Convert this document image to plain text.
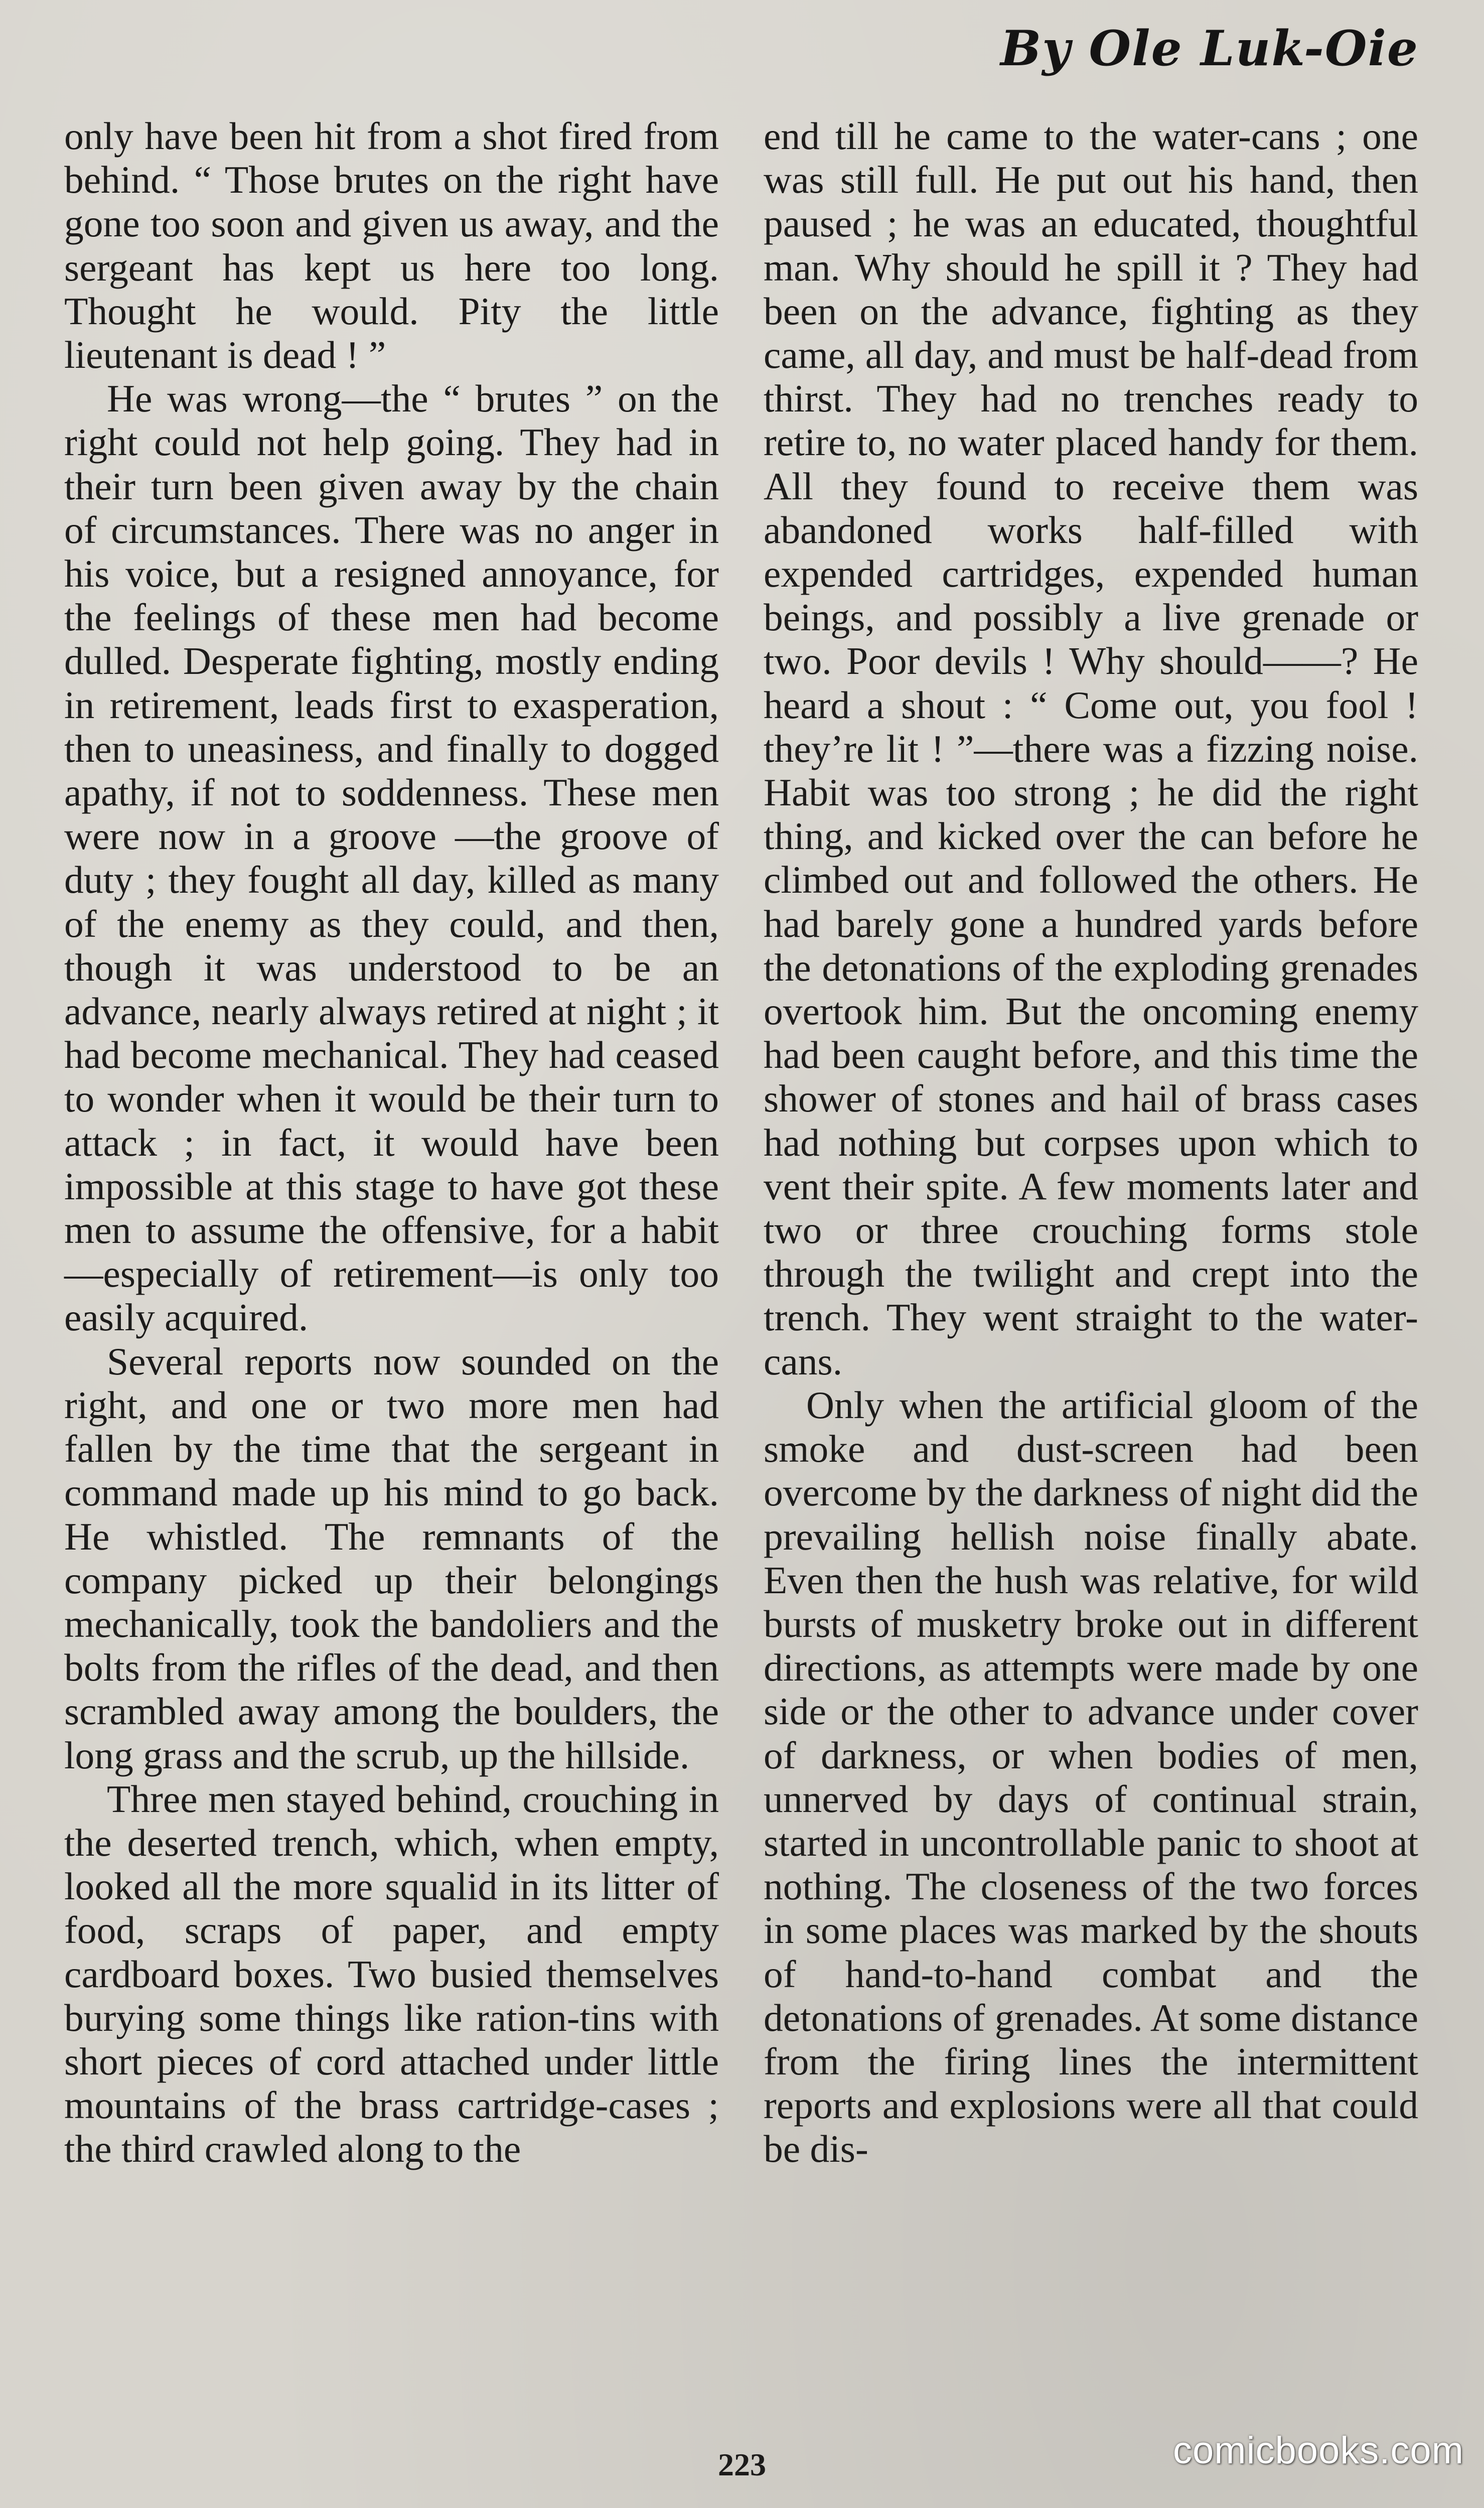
By Ole Luk-Oie

only have been hit from a shot fired from behind. “ Those brutes on the right have gone too soon and given us away, and the sergeant has kept us here too long. Thought he would. Pity the little lieutenant is dead ! ”

He was wrong—the “ brutes ” on the right could not help going. They had in their turn been given away by the chain of circumstances. There was no anger in his voice, but a resigned annoyance, for the feelings of these men had become dulled. Desperate fighting, mostly ending in retirement, leads first to exasperation, then to uneasiness, and finally to dogged apathy, if not to soddenness. These men were now in a groove —the groove of duty ; they fought all day, killed as many of the enemy as they could, and then, though it was understood to be an advance, nearly always retired at night ; it had become mechanical. They had ceased to wonder when it would be their turn to attack ; in fact, it would have been impossible at this stage to have got these men to assume the offensive, for a habit—especially of retirement—is only too easily acquired.

Several reports now sounded on the right, and one or two more men had fallen by the time that the sergeant in command made up his mind to go back. He whistled. The remnants of the company picked up their belongings mechanically, took the bandoliers and the bolts from the rifles of the dead, and then scrambled away among the boulders, the long grass and the scrub, up the hillside.

Three men stayed behind, crouching in the deserted trench, which, when empty, looked all the more squalid in its litter of food, scraps of paper, and empty cardboard boxes. Two busied themselves burying some things like ration-tins with short pieces of cord attached under little mountains of the brass cartridge-cases ; the third crawled along to the

end till he came to the water-cans ; one was still full. He put out his hand, then paused ; he was an educated, thoughtful man. Why should he spill it ? They had been on the advance, fighting as they came, all day, and must be half-dead from thirst. They had no trenches ready to retire to, no water placed handy for them. All they found to receive them was abandoned works half-filled with expended cartridges, expended human beings, and possibly a live grenade or two. Poor devils ! Why should——? He heard a shout : “ Come out, you fool ! they’re lit ! ”—there was a fizzing noise. Habit was too strong ; he did the right thing, and kicked over the can before he climbed out and followed the others. He had barely gone a hundred yards before the detonations of the exploding grenades overtook him. But the oncoming enemy had been caught before, and this time the shower of stones and hail of brass cases had nothing but corpses upon which to vent their spite. A few moments later and two or three crouching forms stole through the twilight and crept into the trench. They went straight to the water-cans.

Only when the artificial gloom of the smoke and dust-screen had been overcome by the darkness of night did the prevailing hellish noise finally abate. Even then the hush was relative, for wild bursts of musketry broke out in different directions, as attempts were made by one side or the other to advance under cover of darkness, or when bodies of men, unnerved by days of continual strain, started in uncontrollable panic to shoot at nothing. The closeness of the two forces in some places was marked by the shouts of hand-to-hand combat and the detonations of grenades. At some distance from the firing lines the intermittent reports and explosions were all that could be dis-

223	comicbooks.com
